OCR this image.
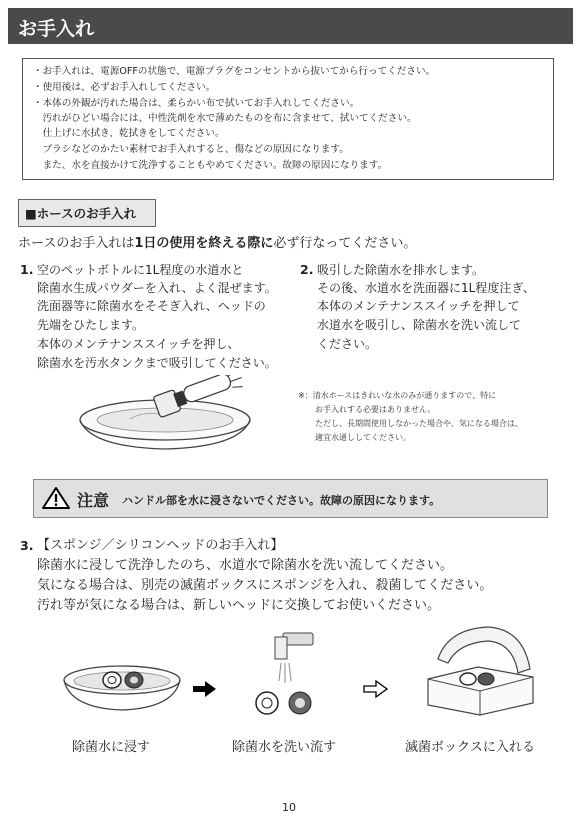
お手入れ
・お手入れは、電源OFFの状態で、電源プラグをコンセントから抜いてから行ってください。
・使用後は、必ずお手入れしてください。
・本体の外観が汚れた場合は、柔らかい布で拭いてお手入れしてください。
　汚れがひどい場合には、中性洗剤を水で薄めたものを布に含ませて、拭いてください。
　仕上げに水拭き、乾拭きをしてください。
　ブラシなどのかたい素材でお手入れすると、傷などの原因になります。
　また、水を直接かけて洗浄することもやめてください。故障の原因になります。
■ホースのお手入れ
ホースのお手入れは1日の使用を終える際に必ず行なってください。
1. 空のペットボトルに1L程度の水道水と
除菌水生成パウダーを入れ、よく混ぜます。
洗面器等に除菌水をそそぎ入れ、ヘッドの
先端をひたします。
本体のメンテナンススイッチを押し、
除菌水を汚水タンクまで吸引してください。
2. 吸引した除菌水を排水します。
その後、水道水を洗面器に1L程度注ぎ、
本体のメンテナンススイッチを押して
水道水を吸引し、除菌水を洗い流して
ください。
※：清水ホースはきれいな水のみが通りますので、特に
お手入れする必要はありません。
ただし、長期間使用しなかった場合や、気になる場合は、
適宜水通ししてください。
注意 ハンドル部を水に浸さないでください。故障の原因になります。
3. 【スポンジ／シリコンヘッドのお手入れ】
除菌水に浸して洗浄したのち、水道水で除菌水を洗い流してください。
気になる場合は、別売の滅菌ボックスにスポンジを入れ、殺菌してください。
汚れ等が気になる場合は、新しいヘッドに交換してお使いください。
除菌水に浸す	除菌水を洗い流す	滅菌ボックスに入れる
10
